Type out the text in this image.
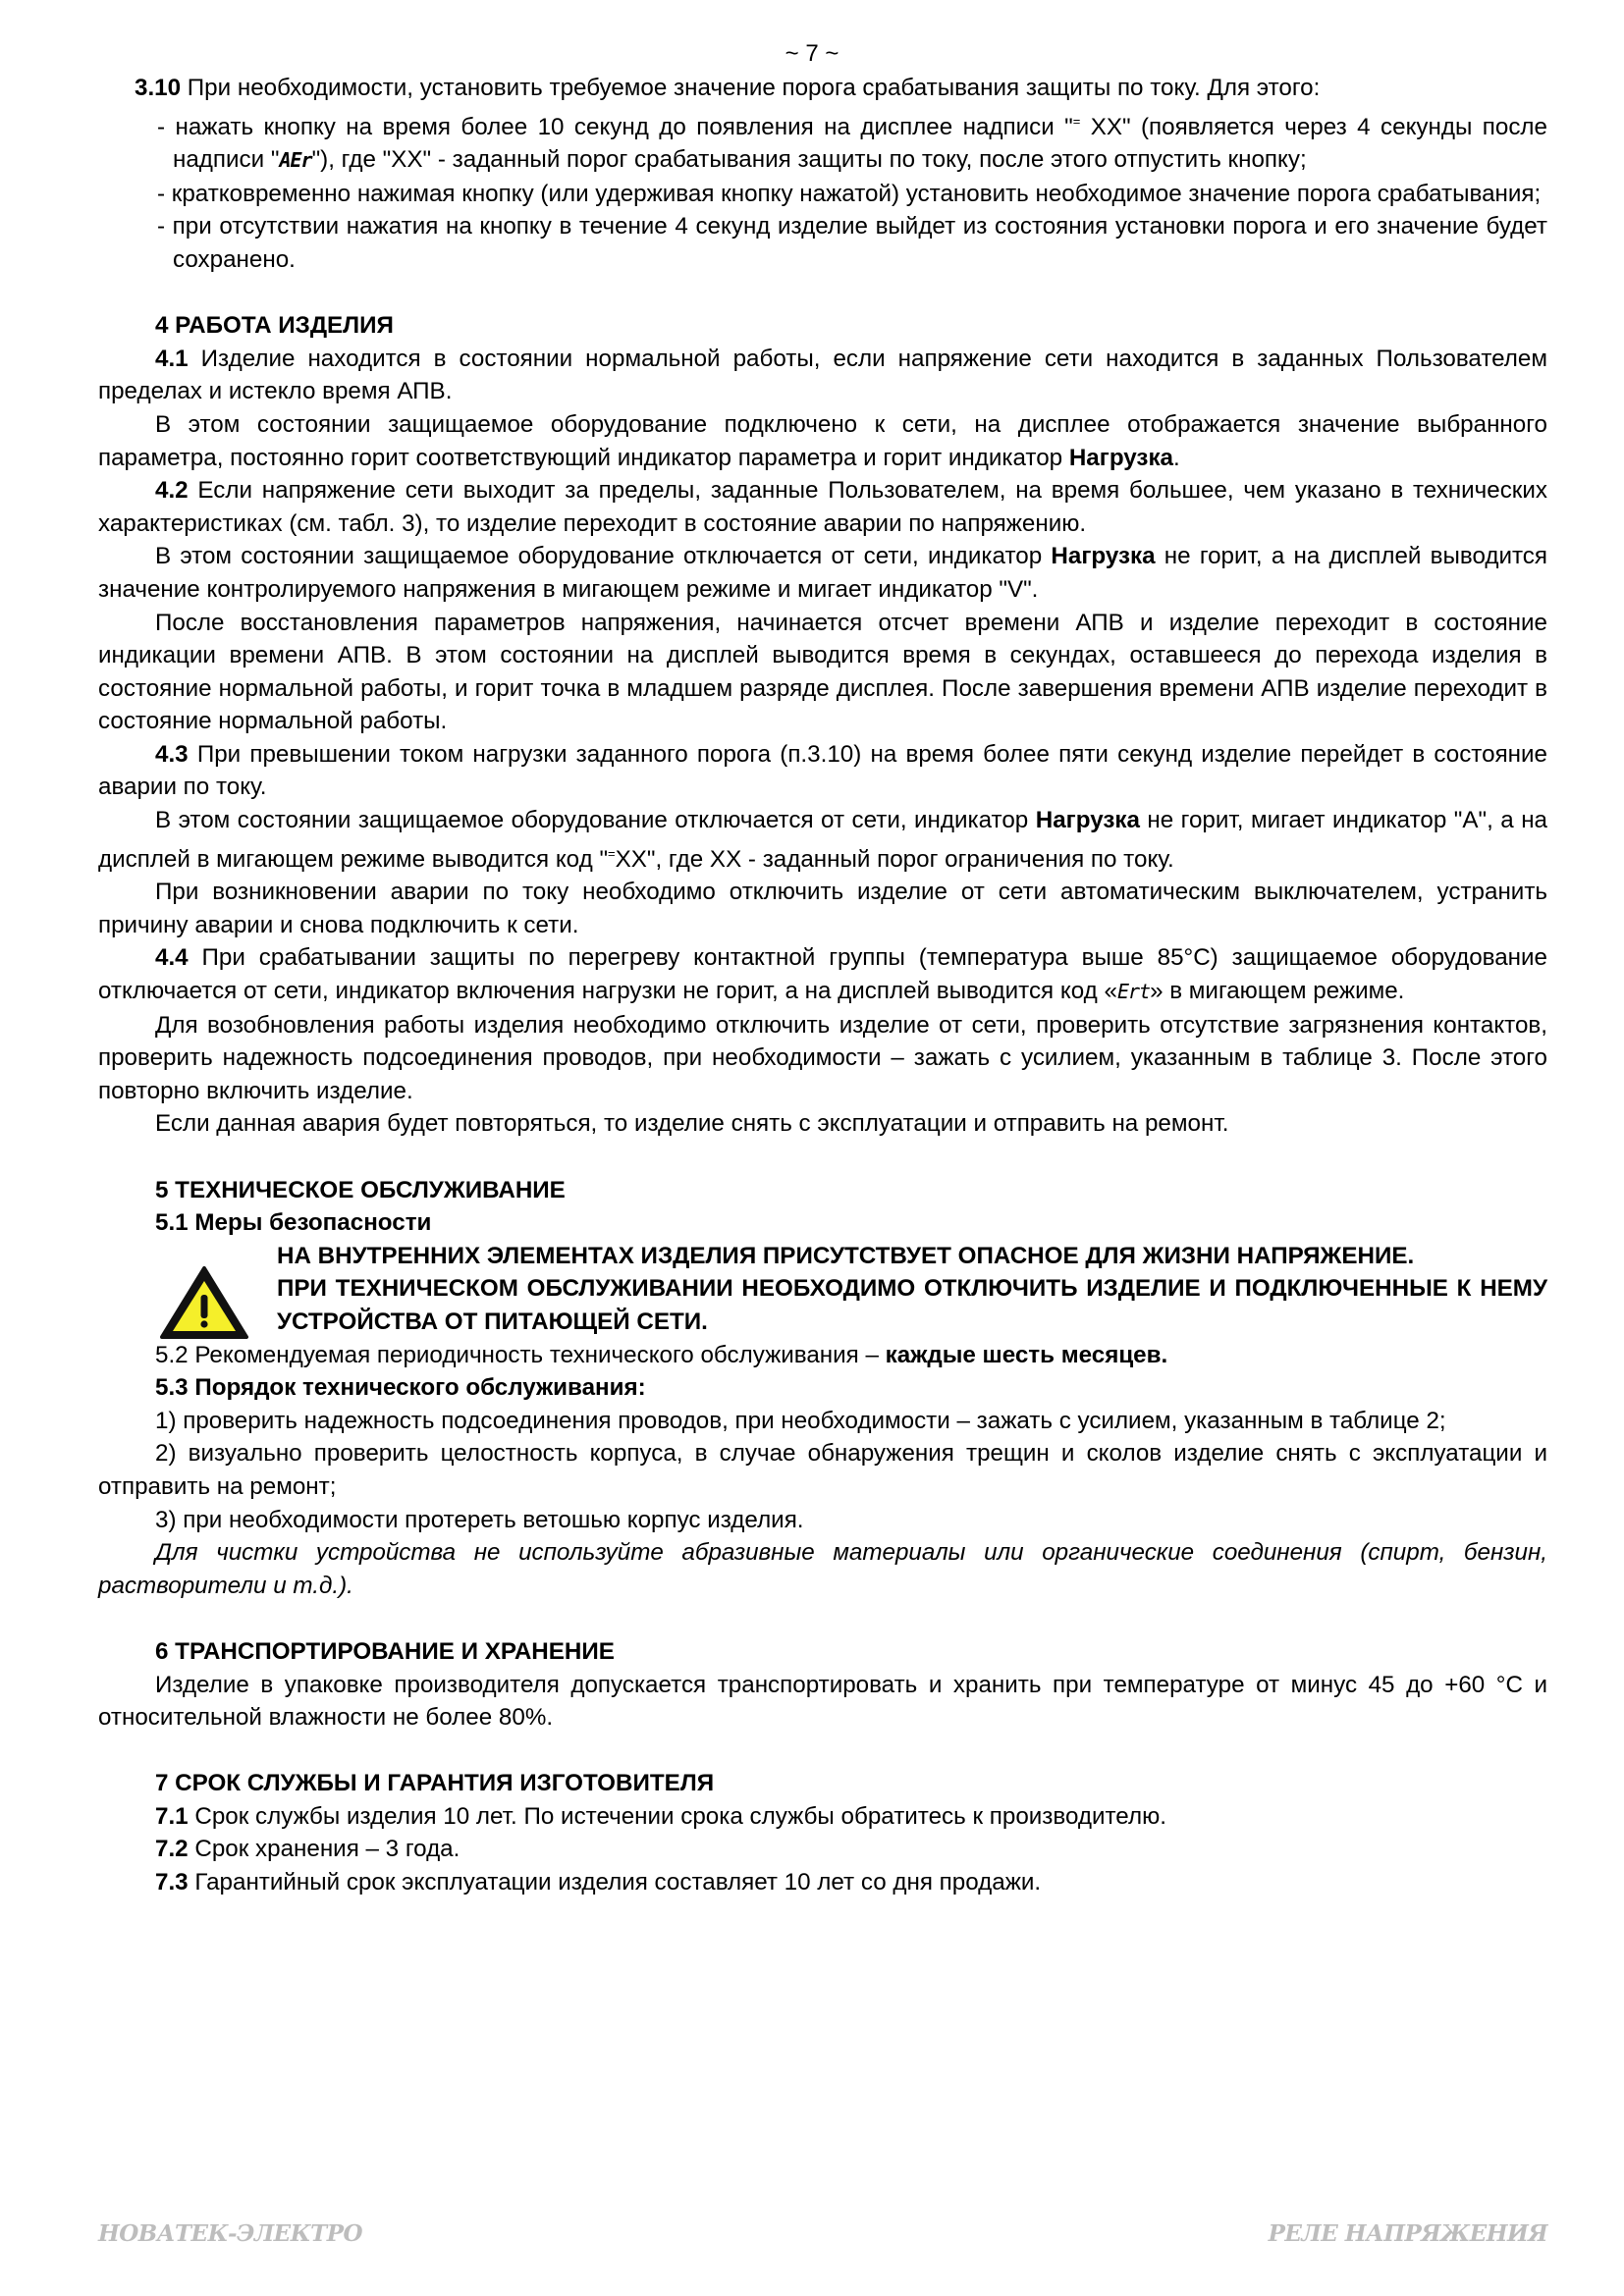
~ 7 ~

3.10 При необходимости, установить требуемое значение порога срабатывания защиты по току. Для этого:

- нажать кнопку на время более 10 секунд до появления на дисплее надписи "= XX" (появляется через 4 секунды после надписи "AEr"), где "XX" - заданный порог срабатывания защиты по току, после этого отпустить кнопку;

- кратковременно нажимая кнопку (или удерживая кнопку нажатой) установить необходимое значение порога срабатывания;

- при отсутствии нажатия на кнопку в течение 4 секунд изделие выйдет из состояния установки порога и его значение будет сохранено.

4 РАБОТА ИЗДЕЛИЯ

4.1 Изделие находится в состоянии нормальной работы, если напряжение сети находится в заданных Пользователем пределах и истекло время АПВ.

В этом состоянии защищаемое оборудование подключено к сети, на дисплее отображается значение выбранного параметра, постоянно горит соответствующий индикатор параметра и горит индикатор Нагрузка.

4.2 Если напряжение сети выходит за пределы, заданные Пользователем, на время большее, чем указано в технических характеристиках (см. табл. 3), то изделие переходит в состояние аварии по напряжению.

В этом состоянии защищаемое оборудование отключается от сети, индикатор Нагрузка не горит, а на дисплей выводится значение контролируемого напряжения в мигающем режиме и мигает индикатор "V".

После восстановления параметров напряжения, начинается отсчет времени АПВ и изделие переходит в состояние индикации времени АПВ. В этом состоянии на дисплей выводится время в секундах, оставшееся до перехода изделия в состояние нормальной работы, и горит точка в младшем разряде дисплея. После завершения времени АПВ изделие переходит в состояние нормальной работы.

4.3 При превышении током нагрузки заданного порога (п.3.10) на время более пяти секунд изделие перейдет в состояние аварии по току.

В этом состоянии защищаемое оборудование отключается от сети, индикатор Нагрузка не горит, мигает индикатор "А", а на дисплей в мигающем режиме выводится код "=XX", где XX - заданный порог ограничения по току.

При возникновении аварии по току необходимо отключить изделие от сети автоматическим выключателем, устранить причину аварии и снова подключить к сети.

4.4 При срабатывании защиты по перегреву контактной группы (температура выше 85°С) защищаемое оборудование отключается от сети, индикатор включения нагрузки не горит, а на дисплей выводится код «Ert» в мигающем режиме.

Для возобновления работы изделия необходимо отключить изделие от сети, проверить отсутствие загрязнения контактов, проверить надежность подсоединения проводов, при необходимости – зажать с усилием, указанным в таблице 3. После этого повторно включить изделие.

Если данная авария будет повторяться, то изделие снять с эксплуатации и отправить на ремонт.

5 ТЕХНИЧЕСКОЕ ОБСЛУЖИВАНИЕ

5.1 Меры безопасности

НА ВНУТРЕННИХ ЭЛЕМЕНТАХ ИЗДЕЛИЯ ПРИСУТСТВУЕТ ОПАСНОЕ ДЛЯ ЖИЗНИ НАПРЯЖЕНИЕ.

ПРИ ТЕХНИЧЕСКОМ ОБСЛУЖИВАНИИ НЕОБХОДИМО ОТКЛЮЧИТЬ ИЗДЕЛИЕ И ПОДКЛЮЧЕННЫЕ К НЕМУ УСТРОЙСТВА ОТ ПИТАЮЩЕЙ СЕТИ.

5.2 Рекомендуемая периодичность технического обслуживания – каждые шесть месяцев.

5.3 Порядок технического обслуживания:

1) проверить надежность подсоединения проводов, при необходимости – зажать с усилием, указанным в таблице 2;

2) визуально проверить целостность корпуса, в случае обнаружения трещин и сколов изделие снять с эксплуатации и отправить на ремонт;

3) при необходимости протереть ветошью корпус изделия.

Для чистки устройства не используйте абразивные материалы или органические соединения (спирт, бензин, растворители и т.д.).

6 ТРАНСПОРТИРОВАНИЕ И ХРАНЕНИЕ

Изделие в упаковке производителя допускается транспортировать и хранить при температуре от минус 45 до +60 °С и относительной влажности не более 80%.

7 СРОК СЛУЖБЫ И ГАРАНТИЯ ИЗГОТОВИТЕЛЯ

7.1 Срок службы изделия 10 лет. По истечении срока службы обратитесь к производителю.

7.2 Срок хранения – 3 года.

7.3 Гарантийный срок эксплуатации изделия составляет 10 лет со дня продажи.

НОВАТЕК-ЭЛЕКТРО	РЕЛЕ НАПРЯЖЕНИЯ
